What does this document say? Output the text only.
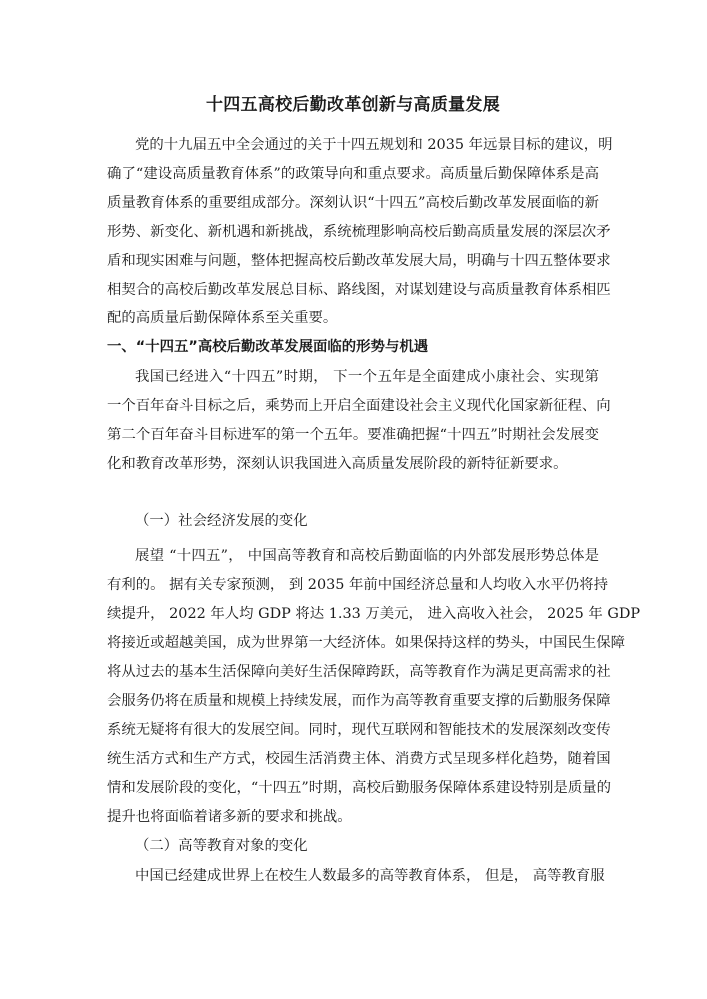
十四五高校后勤改革创新与高质量发展
党的十九届五中全会通过的关于十四五规划和 2035 年远景目标的建议，明
确了“建设高质量教育体系”的政策导向和重点要求。高质量后勤保障体系是高
质量教育体系的重要组成部分。深刻认识“十四五”高校后勤改革发展面临的新
形势、新变化、新机遇和新挑战，系统梳理影响高校后勤高质量发展的深层次矛
盾和现实困难与问题，整体把握高校后勤改革发展大局，明确与十四五整体要求
相契合的高校后勤改革发展总目标、路线图，对谋划建设与高质量教育体系相匹
配的高质量后勤保障体系至关重要。
一、“十四五”高校后勤改革发展面临的形势与机遇
我国已经进入“十四五”时期， 下一个五年是全面建成小康社会、实现第
一个百年奋斗目标之后，乘势而上开启全面建设社会主义现代化国家新征程、向
第二个百年奋斗目标进军的第一个五年。要准确把握“十四五”时期社会发展变
化和教育改革形势，深刻认识我国进入高质量发展阶段的新特征新要求。
（一）社会经济发展的变化
展望 “十四五”， 中国高等教育和高校后勤面临的内外部发展形势总体是
有利的。 据有关专家预测， 到 2035 年前中国经济总量和人均收入水平仍将持
续提升， 2022 年人均 GDP 将达 1.33 万美元， 进入高收入社会， 2025 年 GDP
将接近或超越美国，成为世界第一大经济体。如果保持这样的势头，中国民生保障
将从过去的基本生活保障向美好生活保障跨跃，高等教育作为满足更高需求的社
会服务仍将在质量和规模上持续发展，而作为高等教育重要支撑的后勤服务保障
系统无疑将有很大的发展空间。同时，现代互联网和智能技术的发展深刻改变传
统生活方式和生产方式，校园生活消费主体、消费方式呈现多样化趋势，随着国
情和发展阶段的变化，“十四五”时期，高校后勤服务保障体系建设特别是质量的
提升也将面临着诸多新的要求和挑战。
（二）高等教育对象的变化
中国已经建成世界上在校生人数最多的高等教育体系， 但是， 高等教育服
